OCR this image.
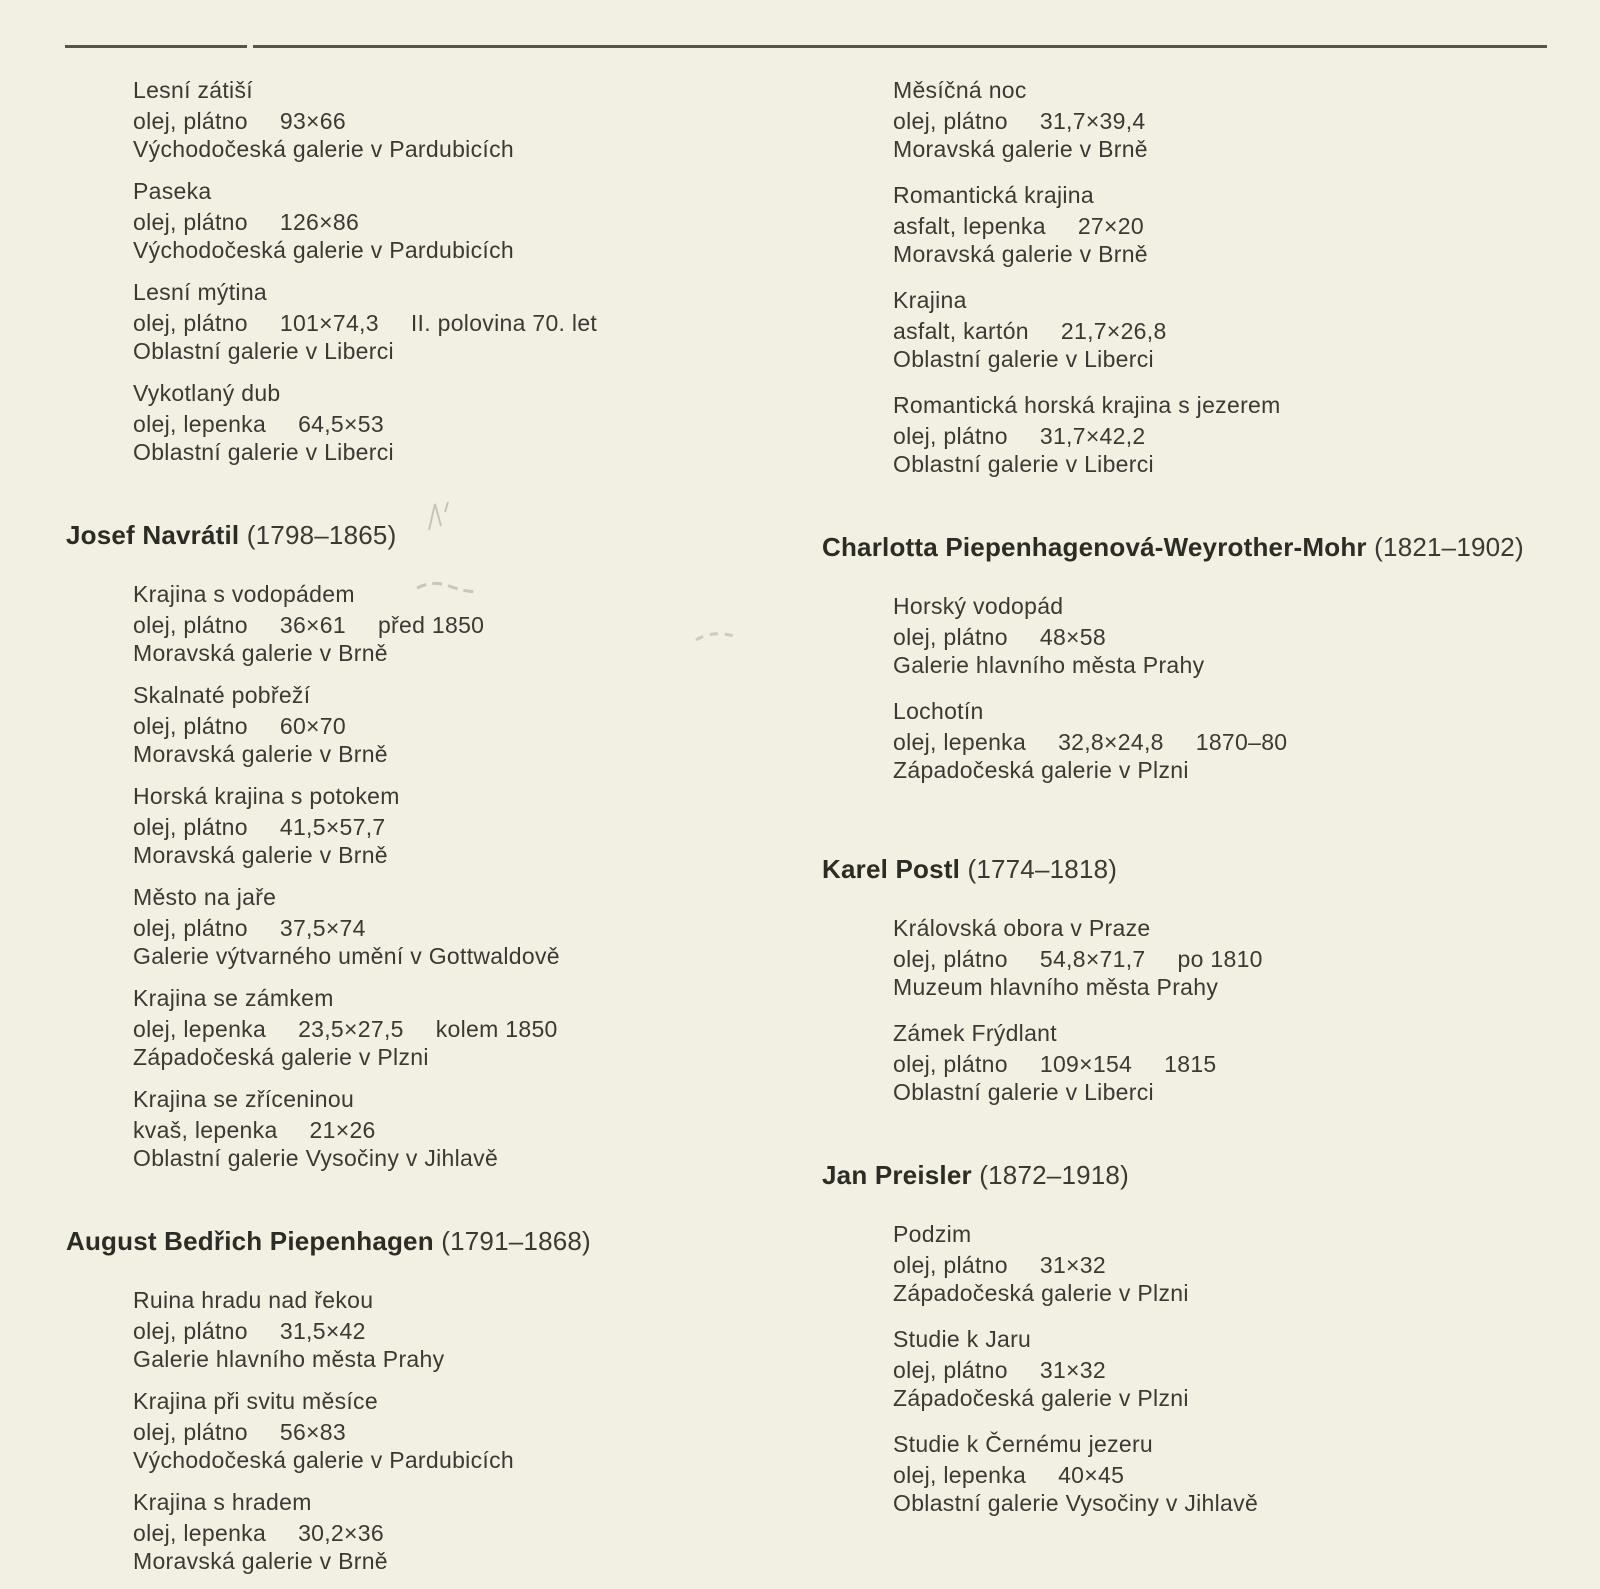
Lesní zátiší
olej, plátno 93×66
Východočeská galerie v Pardubicích
Paseka
olej, plátno 126×86
Východočeská galerie v Pardubicích
Lesní mýtina
olej, plátno 101×74,3 II. polovina 70. let
Oblastní galerie v Liberci
Vykotlaný dub
olej, lepenka 64,5×53
Oblastní galerie v Liberci
Josef Navrátil (1798–1865)
Krajina s vodopádem
olej, plátno 36×61 před 1850
Moravská galerie v Brně
Skalnaté pobřeží
olej, plátno 60×70
Moravská galerie v Brně
Horská krajina s potokem
olej, plátno 41,5×57,7
Moravská galerie v Brně
Město na jaře
olej, plátno 37,5×74
Galerie výtvarného umění v Gottwaldově
Krajina se zámkem
olej, lepenka 23,5×27,5 kolem 1850
Západočeská galerie v Plzni
Krajina se zříceninou
kvaš, lepenka 21×26
Oblastní galerie Vysočiny v Jihlavě
August Bedřich Piepenhagen (1791–1868)
Ruina hradu nad řekou
olej, plátno 31,5×42
Galerie hlavního města Prahy
Krajina při svitu měsíce
olej, plátno 56×83
Východočeská galerie v Pardubicích
Krajina s hradem
olej, lepenka 30,2×36
Moravská galerie v Brně
Měsíčná noc
olej, plátno 31,7×39,4
Moravská galerie v Brně
Romantická krajina
asfalt, lepenka 27×20
Moravská galerie v Brně
Krajina
asfalt, kartón 21,7×26,8
Oblastní galerie v Liberci
Romantická horská krajina s jezerem
olej, plátno 31,7×42,2
Oblastní galerie v Liberci
Charlotta Piepenhagenová-Weyrother-Mohr (1821–1902)
Horský vodopád
olej, plátno 48×58
Galerie hlavního města Prahy
Lochotín
olej, lepenka 32,8×24,8 1870–80
Západočeská galerie v Plzni
Karel Postl (1774–1818)
Královská obora v Praze
olej, plátno 54,8×71,7 po 1810
Muzeum hlavního města Prahy
Zámek Frýdlant
olej, plátno 109×154 1815
Oblastní galerie v Liberci
Jan Preisler (1872–1918)
Podzim
olej, plátno 31×32
Západočeská galerie v Plzni
Studie k Jaru
olej, plátno 31×32
Západočeská galerie v Plzni
Studie k Černému jezeru
olej, lepenka 40×45
Oblastní galerie Vysočiny v Jihlavě
